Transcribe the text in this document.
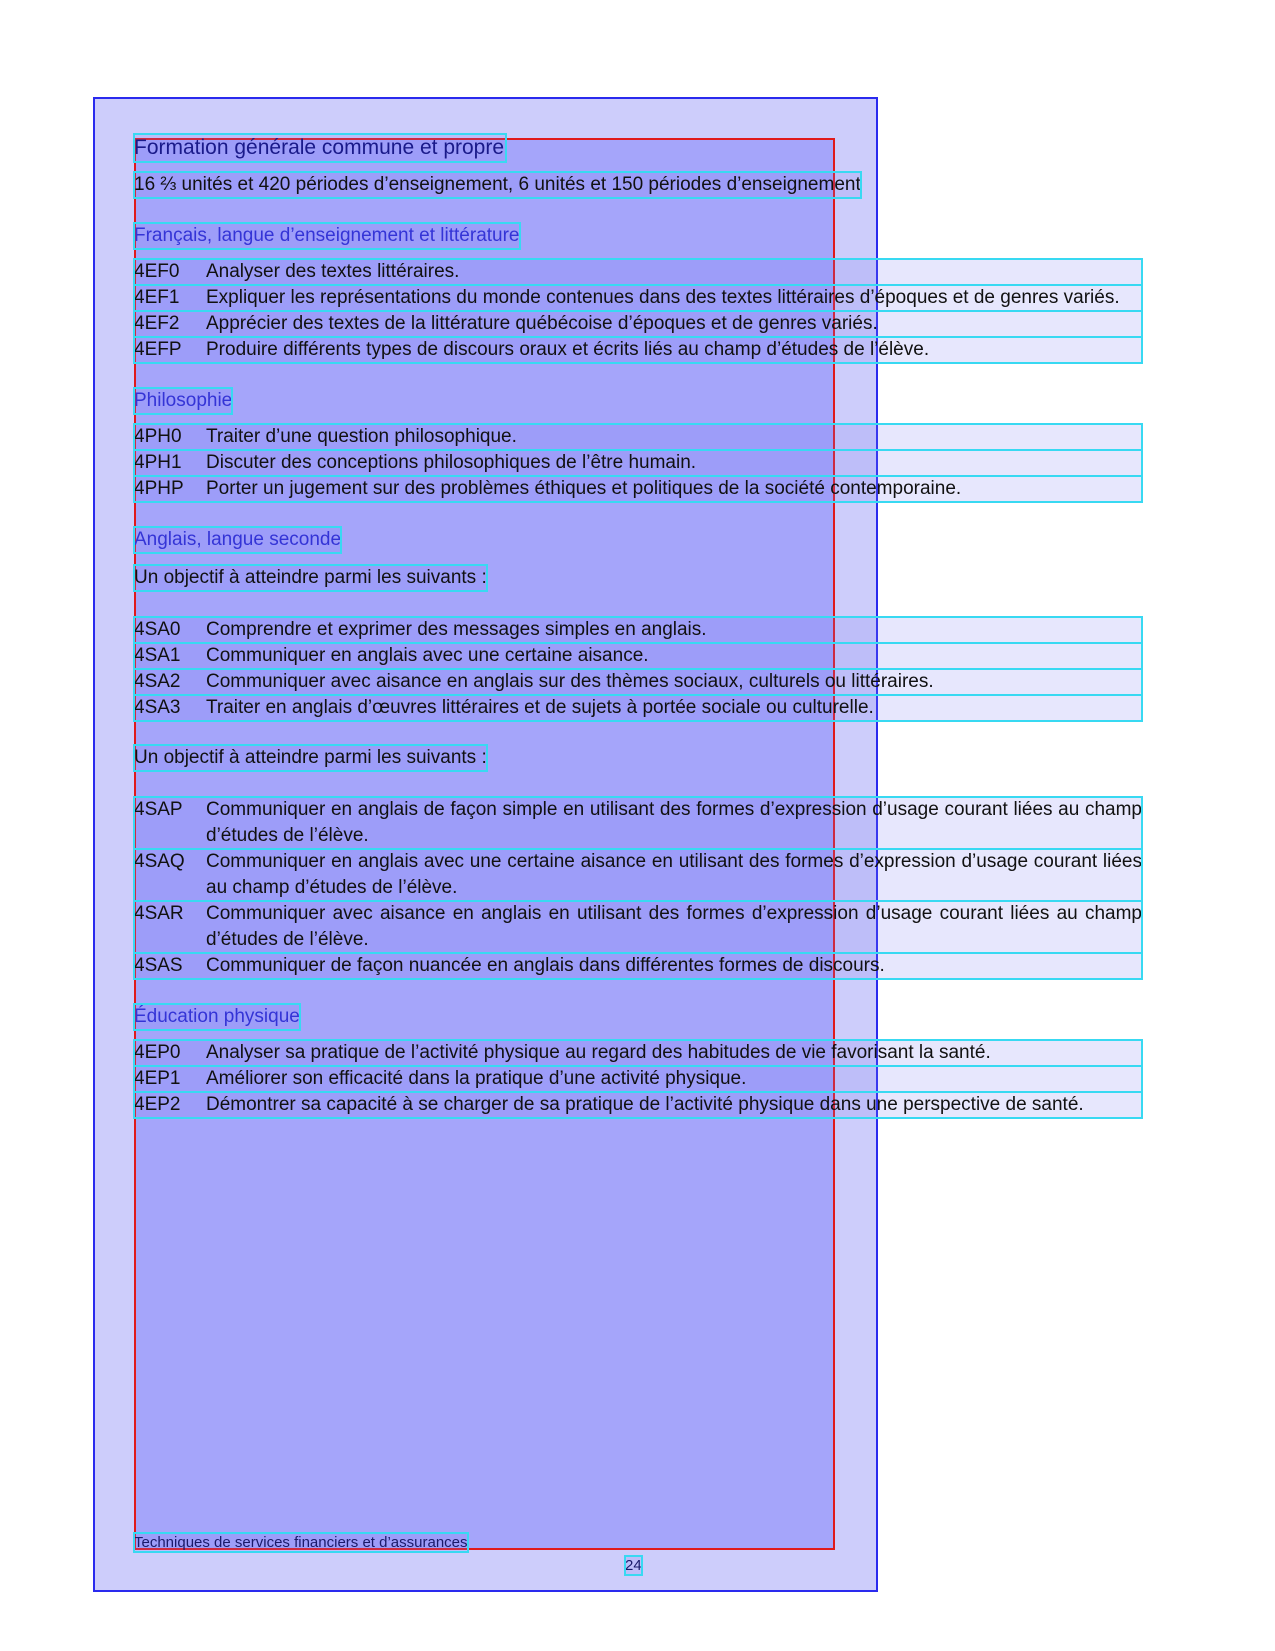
Formation générale commune et propre
16 ⅔ unités et 420 périodes d’enseignement, 6 unités et 150 périodes d’enseignement
Français, langue d’enseignement et littérature
4EF0	Analyser des textes littéraires.
4EF1	Expliquer les représentations du monde contenues dans des textes littéraires d’époques et de genres variés.
4EF2	Apprécier des textes de la littérature québécoise d’époques et de genres variés.
4EFP	Produire différents types de discours oraux et écrits liés au champ d’études de l’élève.
Philosophie
4PH0	Traiter d’une question philosophique.
4PH1	Discuter des conceptions philosophiques de l’être humain.
4PHP	Porter un jugement sur des problèmes éthiques et politiques de la société contemporaine.
Anglais, langue seconde
Un objectif à atteindre parmi les suivants :
4SA0	Comprendre et exprimer des messages simples en anglais.
4SA1	Communiquer en anglais avec une certaine aisance.
4SA2	Communiquer avec aisance en anglais sur des thèmes sociaux, culturels ou littéraires.
4SA3	Traiter en anglais d’œuvres littéraires et de sujets à portée sociale ou culturelle.
Un objectif à atteindre parmi les suivants :
4SAP	Communiquer en anglais de façon simple en utilisant des formes d’expression d’usage courant liées au champ d’études de l’élève.
4SAQ	Communiquer en anglais avec une certaine aisance en utilisant des formes d’expression d’usage courant liées au champ d’études de l’élève.
4SAR	Communiquer avec aisance en anglais en utilisant des formes d’expression d’usage courant liées au champ d’études de l’élève.
4SAS	Communiquer de façon nuancée en anglais dans différentes formes de discours.
Éducation physique
4EP0	Analyser sa pratique de l’activité physique au regard des habitudes de vie favorisant la santé.
4EP1	Améliorer son efficacité dans la pratique d’une activité physique.
4EP2	Démontrer sa capacité à se charger de sa pratique de l’activité physique dans une perspective de santé.
Techniques de services financiers et d’assurances
24
